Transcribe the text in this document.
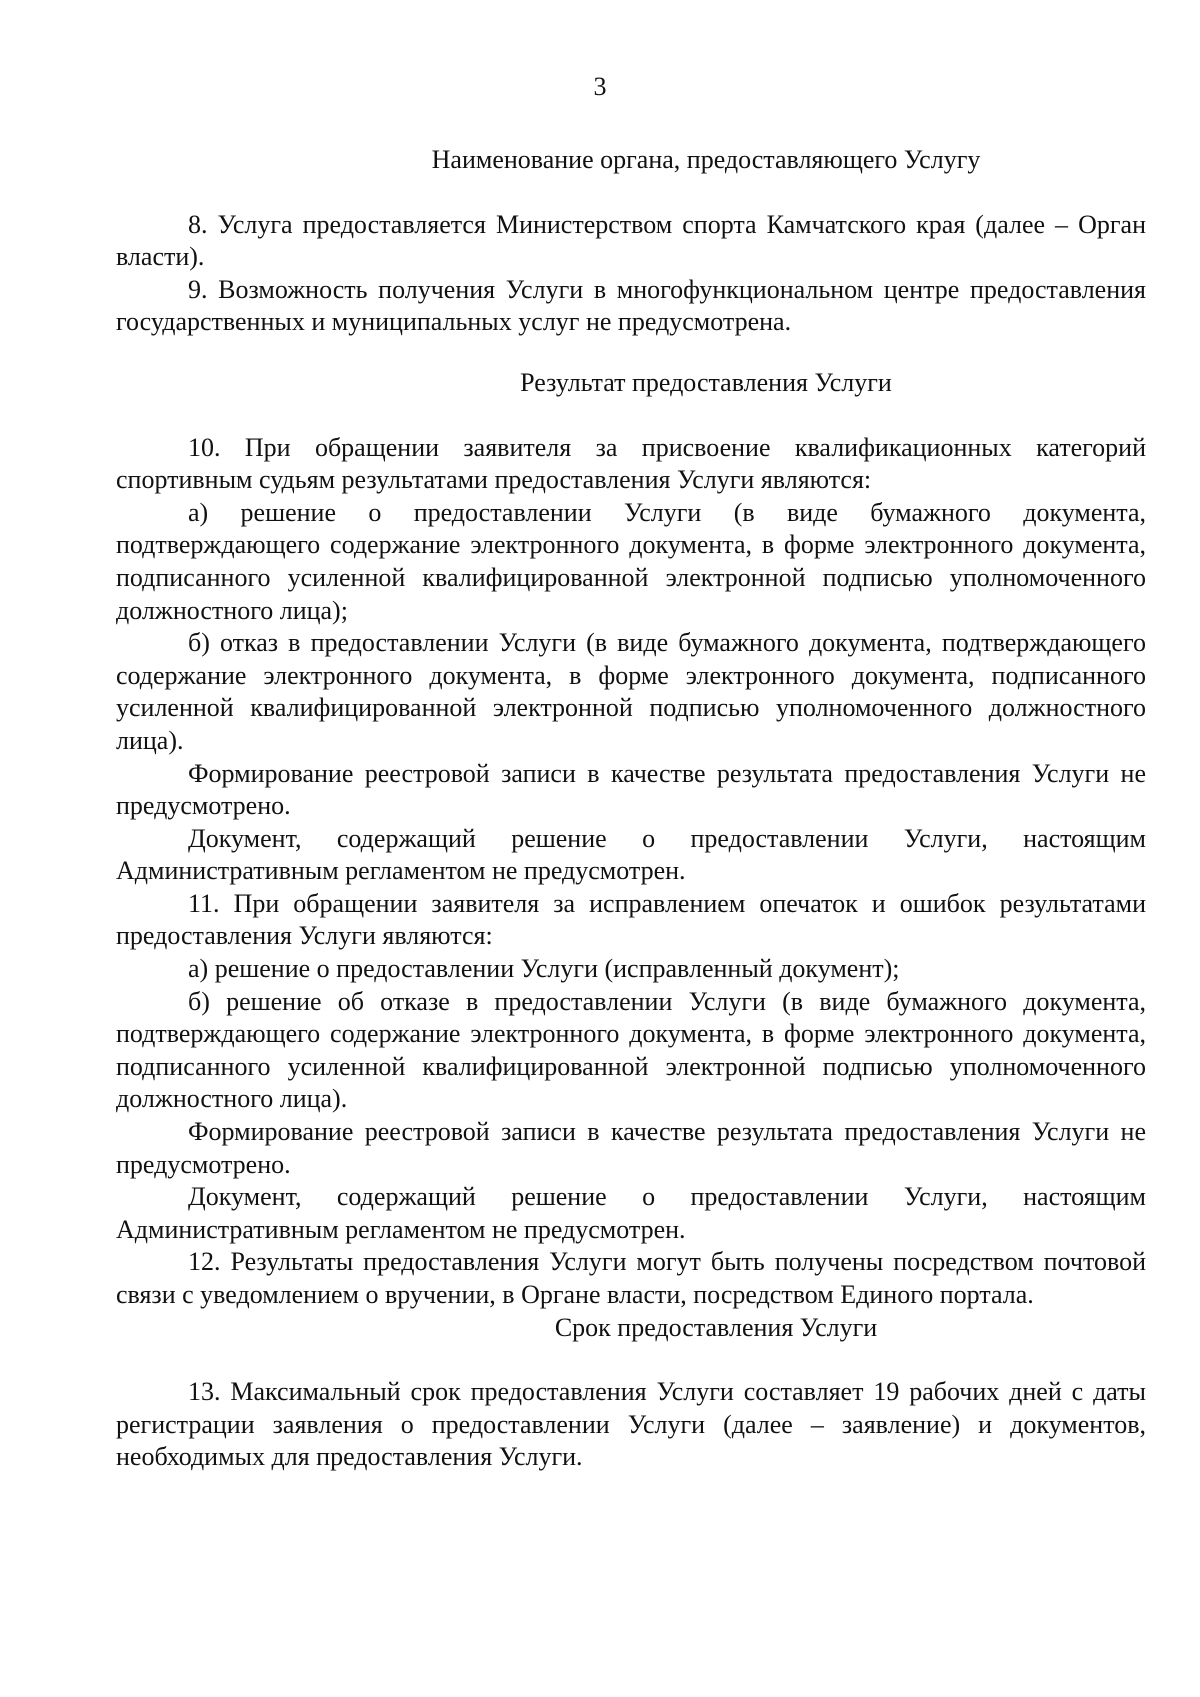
3

Наименование органа, предоставляющего Услугу

8. Услуга предоставляется Министерством спорта Камчатского края (далее – Орган власти).

9. Возможность получения Услуги в многофункциональном центре предоставления государственных и муниципальных услуг не предусмотрена.

Результат предоставления Услуги

10. При обращении заявителя за присвоение квалификационных категорий спортивным судьям результатами предоставления Услуги являются:

а) решение о предоставлении Услуги (в виде бумажного документа, подтверждающего содержание электронного документа, в форме электронного документа, подписанного усиленной квалифицированной электронной подписью уполномоченного должностного лица);

б) отказ в предоставлении Услуги (в виде бумажного документа, подтверждающего содержание электронного документа, в форме электронного документа, подписанного усиленной квалифицированной электронной подписью уполномоченного должностного лица).

Формирование реестровой записи в качестве результата предоставления Услуги не предусмотрено.

Документ, содержащий решение о предоставлении Услуги, настоящим Административным регламентом не предусмотрен.

11. При обращении заявителя за исправлением опечаток и ошибок результатами предоставления Услуги являются:

а) решение о предоставлении Услуги (исправленный документ);

б) решение об отказе в предоставлении Услуги (в виде бумажного документа, подтверждающего содержание электронного документа, в форме электронного документа, подписанного усиленной квалифицированной электронной подписью уполномоченного должностного лица).

Формирование реестровой записи в качестве результата предоставления Услуги не предусмотрено.

Документ, содержащий решение о предоставлении Услуги, настоящим Административным регламентом не предусмотрен.

12. Результаты предоставления Услуги могут быть получены посредством почтовой связи с уведомлением о вручении, в Органе власти, посредством Единого портала.

Срок предоставления Услуги

13. Максимальный срок предоставления Услуги составляет 19 рабочих дней с даты регистрации заявления о предоставлении Услуги (далее – заявление) и документов, необходимых для предоставления Услуги.
